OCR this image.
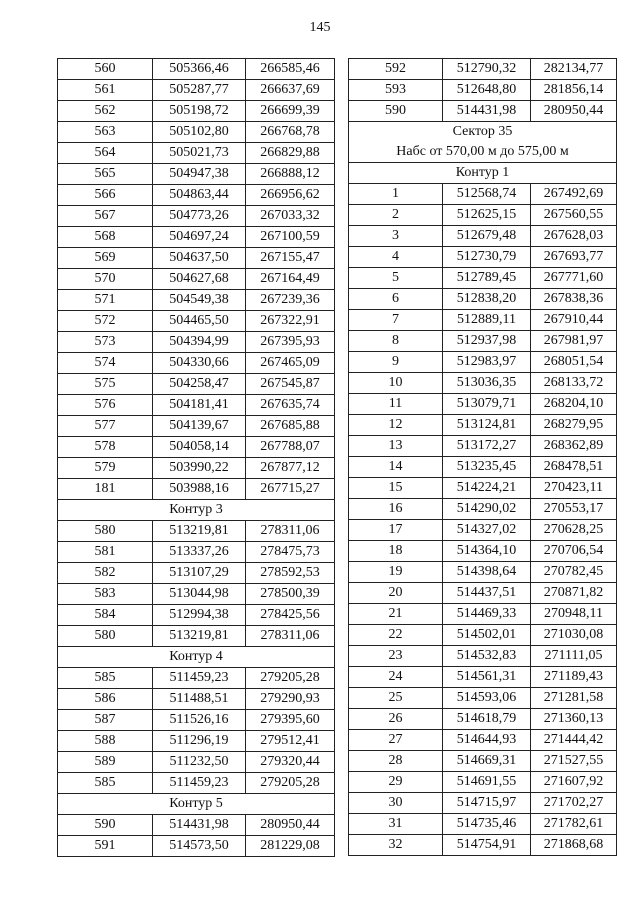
145
560	505366,46	266585,46
561	505287,77	266637,69
562	505198,72	266699,39
563	505102,80	266768,78
564	505021,73	266829,88
565	504947,38	266888,12
566	504863,44	266956,62
567	504773,26	267033,32
568	504697,24	267100,59
569	504637,50	267155,47
570	504627,68	267164,49
571	504549,38	267239,36
572	504465,50	267322,91
573	504394,99	267395,93
574	504330,66	267465,09
575	504258,47	267545,87
576	504181,41	267635,74
577	504139,67	267685,88
578	504058,14	267788,07
579	503990,22	267877,12
181	503988,16	267715,27
Контур 3		
580	513219,81	278311,06
581	513337,26	278475,73
582	513107,29	278592,53
583	513044,98	278500,39
584	512994,38	278425,56
580	513219,81	278311,06
Контур 4		
585	511459,23	279205,28
586	511488,51	279290,93
587	511526,16	279395,60
588	511296,19	279512,41
589	511232,50	279320,44
585	511459,23	279205,28
Контур 5		
590	514431,98	280950,44
591	514573,50	281229,08
592	512790,32	282134,77
593	512648,80	281856,14
590	514431,98	280950,44

Сектор 35
Набс от 570,00 м до 575,00 м		

Контур 1		
1	512568,74	267492,69
2	512625,15	267560,55
3	512679,48	267628,03
4	512730,79	267693,77
5	512789,45	267771,60
6	512838,20	267838,36
7	512889,11	267910,44
8	512937,98	267981,97
9	512983,97	268051,54
10	513036,35	268133,72
11	513079,71	268204,10
12	513124,81	268279,95
13	513172,27	268362,89
14	513235,45	268478,51
15	514224,21	270423,11
16	514290,02	270553,17
17	514327,02	270628,25
18	514364,10	270706,54
19	514398,64	270782,45
20	514437,51	270871,82
21	514469,33	270948,11
22	514502,01	271030,08
23	514532,83	271111,05
24	514561,31	271189,43
25	514593,06	271281,58
26	514618,79	271360,13
27	514644,93	271444,42
28	514669,31	271527,55
29	514691,55	271607,92
30	514715,97	271702,27
31	514735,46	271782,61
32	514754,91	271868,68
